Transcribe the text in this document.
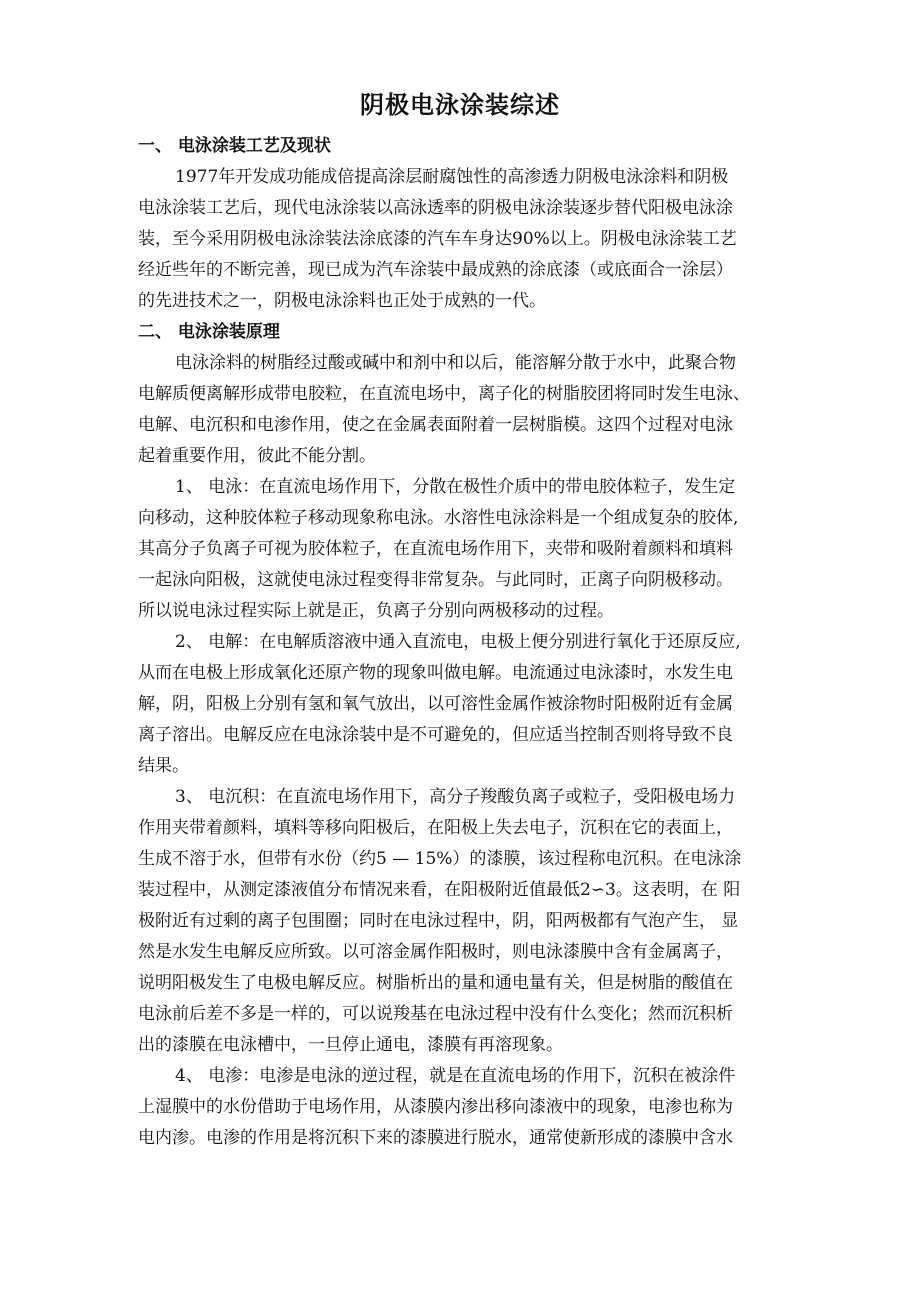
阴极电泳涂装综述
一、 电泳涂装工艺及现状
1977年开发成功能成倍提高涂层耐腐蚀性的高渗透力阴极电泳涂料和阴极
电泳涂装工艺后，现代电泳涂装以高泳透率的阴极电泳涂装逐步替代阳极电泳涂
装，至今采用阴极电泳涂装法涂底漆的汽车车身达90%以上。阴极电泳涂装工艺
经近些年的不断完善，现已成为汽车涂装中最成熟的涂底漆（或底面合一涂层）
的先进技术之一，阴极电泳涂料也正处于成熟的一代。
二、 电泳涂装原理
电泳涂料的树脂经过酸或碱中和剂中和以后，能溶解分散于水中，此聚合物
电解质便离解形成带电胶粒，在直流电场中，离子化的树脂胶团将同时发生电泳、
电解、电沉积和电渗作用，使之在金属表面附着一层树脂模。这四个过程对电泳
起着重要作用，彼此不能分割。
1、 电泳：在直流电场作用下，分散在极性介质中的带电胶体粒子，发生定
向移动，这种胶体粒子移动现象称电泳。水溶性电泳涂料是一个组成复杂的胶体,
其高分子负离子可视为胶体粒子，在直流电场作用下，夹带和吸附着颜料和填料
一起泳向阳极，这就使电泳过程变得非常复杂。与此同时，正离子向阴极移动。
所以说电泳过程实际上就是正，负离子分别向两极移动的过程。
2、 电解：在电解质溶液中通入直流电，电极上便分别进行氧化于还原反应,
从而在电极上形成氧化还原产物的现象叫做电解。电流通过电泳漆时，水发生电
解，阴，阳极上分别有氢和氧气放出，以可溶性金属作被涂物时阳极附近有金属
离子溶出。电解反应在电泳涂装中是不可避免的，但应适当控制否则将导致不良
结果。
3、 电沉积：在直流电场作用下，高分子羧酸负离子或粒子，受阳极电场力
作用夹带着颜料，填料等移向阳极后，在阳极上失去电子，沉积在它的表面上，
生成不溶于水，但带有水份（约5 — 15%）的漆膜，该过程称电沉积。在电泳涂
装过程中，从测定漆液值分布情况来看，在阳极附近值最低2∽3。这表明，在 阳
极附近有过剩的离子包围圈；同时在电泳过程中，阴，阳两极都有气泡产生， 显
然是水发生电解反应所致。以可溶金属作阳极时，则电泳漆膜中含有金属离子，
说明阳极发生了电极电解反应。树脂析出的量和通电量有关，但是树脂的酸值在
电泳前后差不多是一样的，可以说羧基在电泳过程中没有什么变化；然而沉积析
出的漆膜在电泳槽中，一旦停止通电，漆膜有再溶现象。
4、 电渗：电渗是电泳的逆过程，就是在直流电场的作用下，沉积在被涂件
上湿膜中的水份借助于电场作用，从漆膜内渗出移向漆液中的现象，电渗也称为
电内渗。电渗的作用是将沉积下来的漆膜进行脱水，通常使新形成的漆膜中含水
